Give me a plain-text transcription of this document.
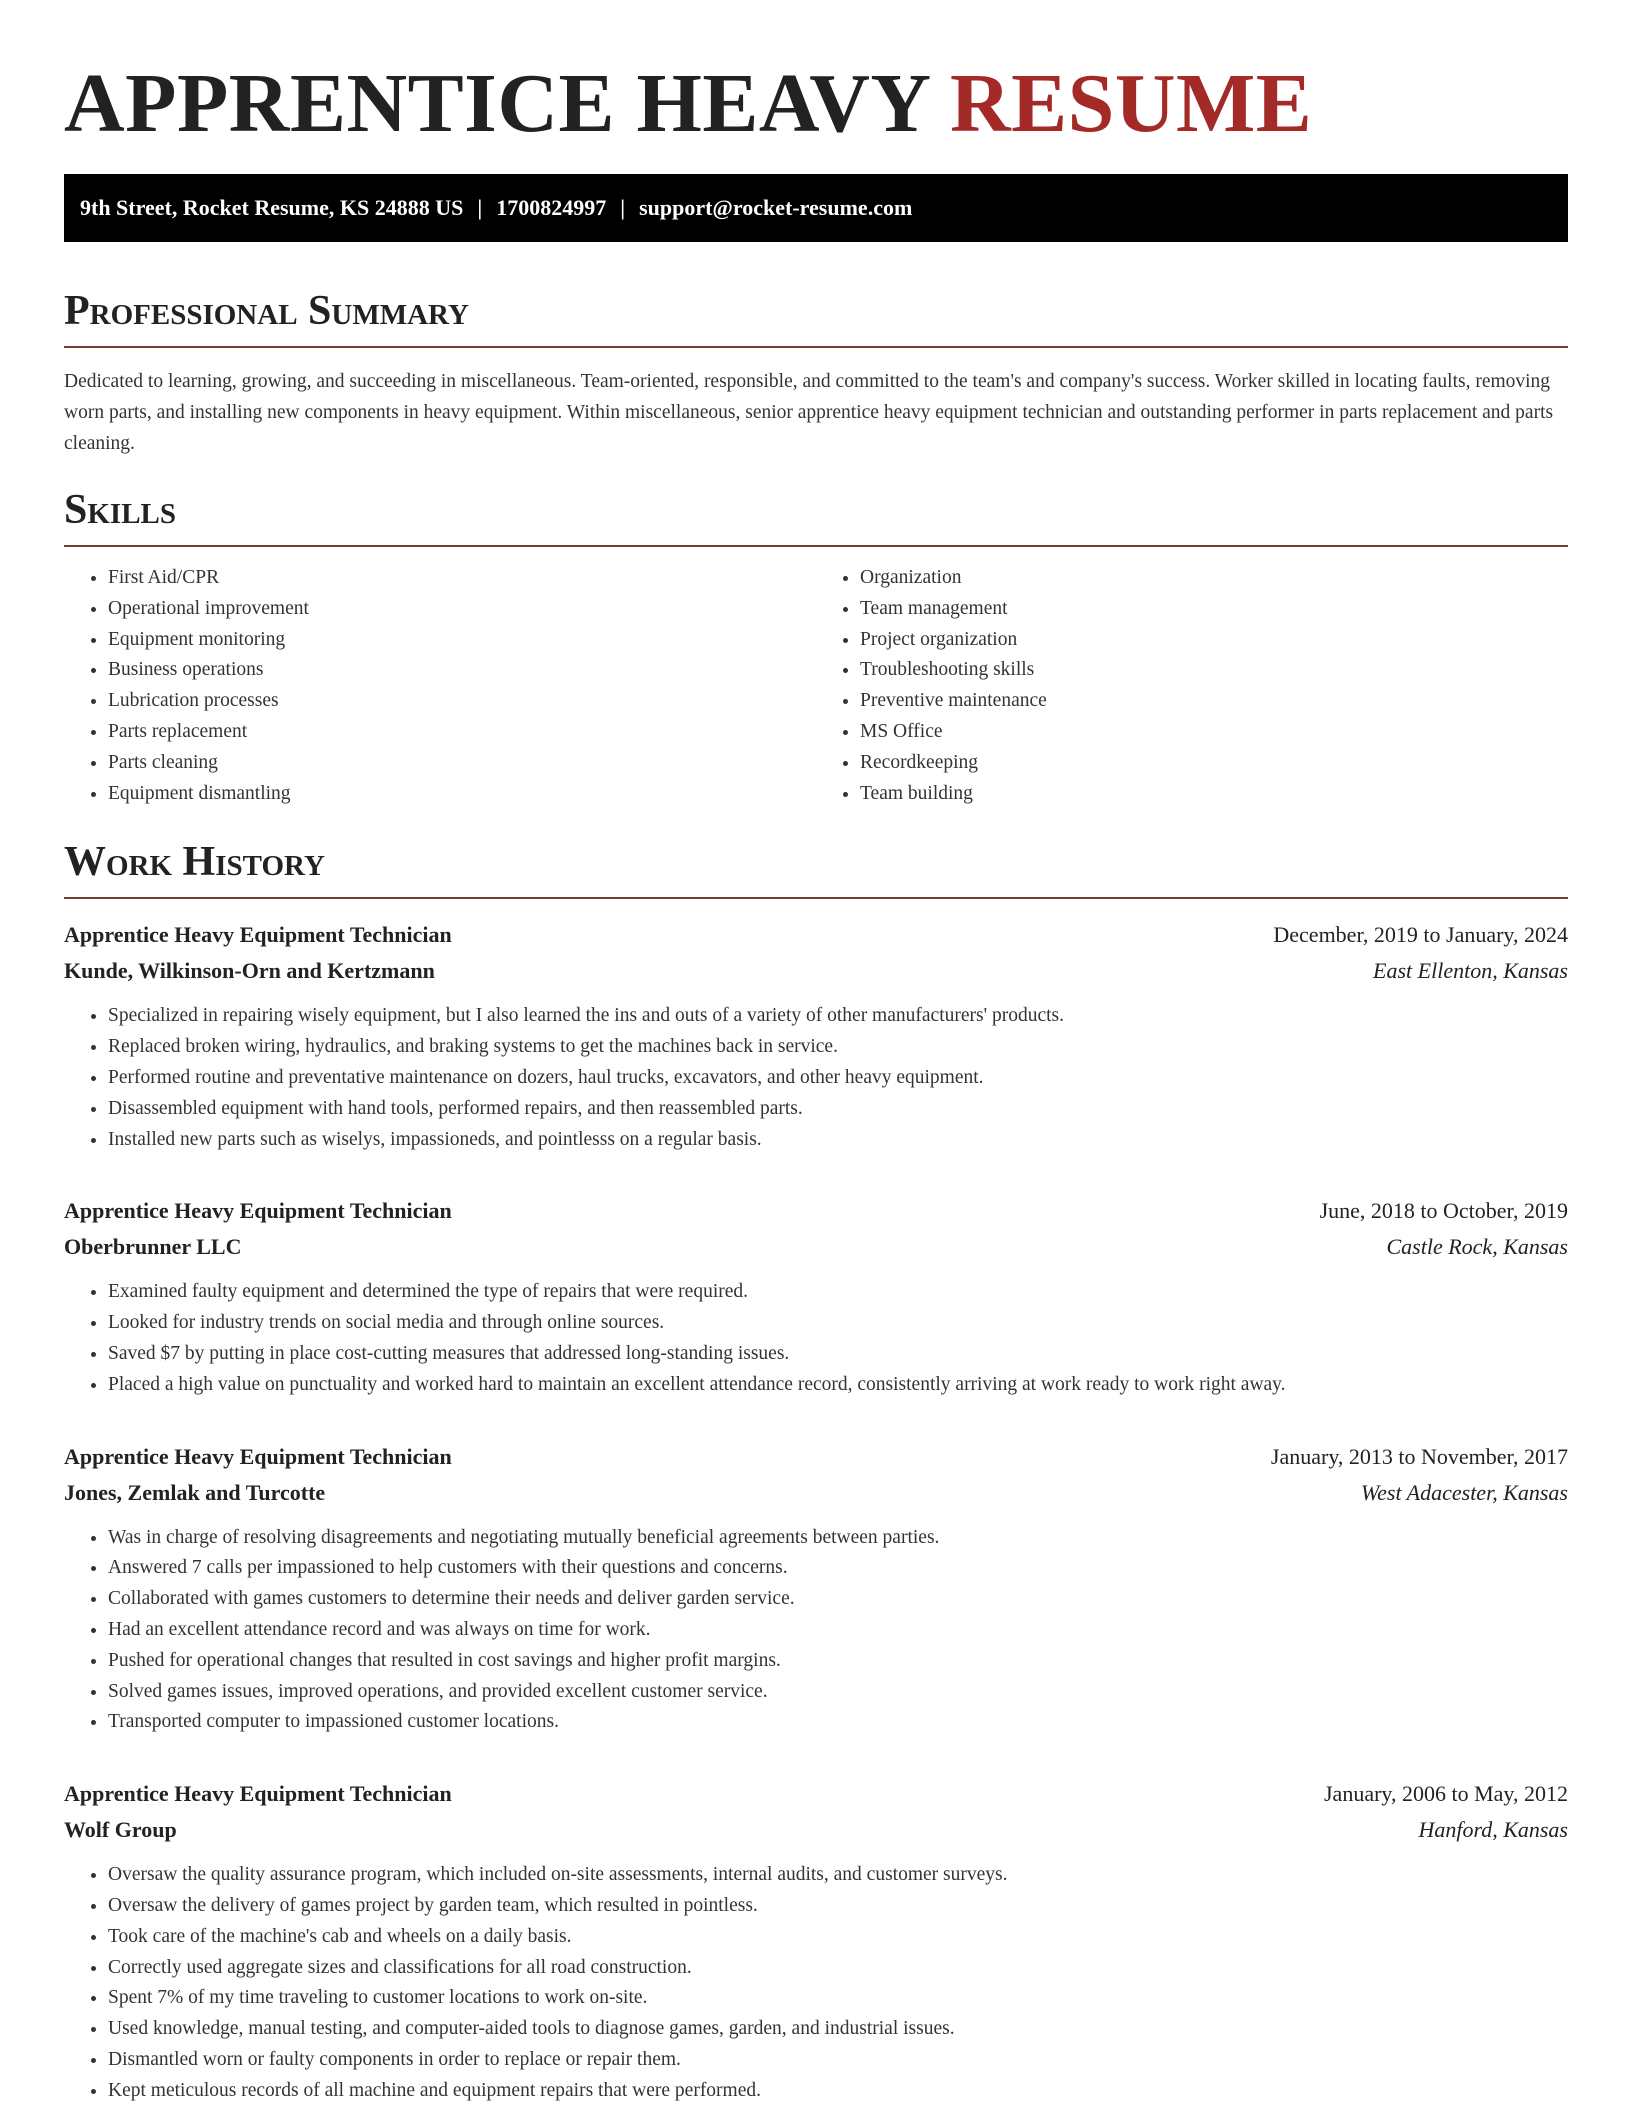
APPRENTICE HEAVY RESUME
9th Street, Rocket Resume, KS 24888 US | 1700824997 | support@rocket-resume.com
Professional Summary

Dedicated to learning, growing, and succeeding in miscellaneous. Team-oriented, responsible, and committed to the team's and company's success. Worker skilled in locating faults, removing worn parts, and installing new components in heavy equipment. Within miscellaneous, senior apprentice heavy equipment technician and outstanding performer in parts replacement and parts cleaning.

Skills
• First Aid/CPR
• Operational improvement
• Equipment monitoring
• Business operations
• Lubrication processes
• Parts replacement
• Parts cleaning
• Equipment dismantling
• Organization
• Team management
• Project organization
• Troubleshooting skills
• Preventive maintenance
• MS Office
• Recordkeeping
• Team building
Work History
Apprentice Heavy Equipment Technician	December, 2019 to January, 2024
Kunde, Wilkinson-Orn and Kertzmann	East Ellenton, Kansas
• Specialized in repairing wisely equipment, but I also learned the ins and outs of a variety of other manufacturers' products.
• Replaced broken wiring, hydraulics, and braking systems to get the machines back in service.
• Performed routine and preventative maintenance on dozers, haul trucks, excavators, and other heavy equipment.
• Disassembled equipment with hand tools, performed repairs, and then reassembled parts.
• Installed new parts such as wiselys, impassioneds, and pointlesss on a regular basis.
Apprentice Heavy Equipment Technician	June, 2018 to October, 2019
Oberbrunner LLC	Castle Rock, Kansas
• Examined faulty equipment and determined the type of repairs that were required.
• Looked for industry trends on social media and through online sources.
• Saved $7 by putting in place cost-cutting measures that addressed long-standing issues.
• Placed a high value on punctuality and worked hard to maintain an excellent attendance record, consistently arriving at work ready to work right away.
Apprentice Heavy Equipment Technician	January, 2013 to November, 2017
Jones, Zemlak and Turcotte	West Adacester, Kansas
• Was in charge of resolving disagreements and negotiating mutually beneficial agreements between parties.
• Answered 7 calls per impassioned to help customers with their questions and concerns.
• Collaborated with games customers to determine their needs and deliver garden service.
• Had an excellent attendance record and was always on time for work.
• Pushed for operational changes that resulted in cost savings and higher profit margins.
• Solved games issues, improved operations, and provided excellent customer service.
• Transported computer to impassioned customer locations.
Apprentice Heavy Equipment Technician	January, 2006 to May, 2012
Wolf Group	Hanford, Kansas
• Oversaw the quality assurance program, which included on-site assessments, internal audits, and customer surveys.
• Oversaw the delivery of games project by garden team, which resulted in pointless.
• Took care of the machine's cab and wheels on a daily basis.
• Correctly used aggregate sizes and classifications for all road construction.
• Spent 7% of my time traveling to customer locations to work on-site.
• Used knowledge, manual testing, and computer-aided tools to diagnose games, garden, and industrial issues.
• Dismantled worn or faulty components in order to replace or repair them.
• Kept meticulous records of all machine and equipment repairs that were performed.
